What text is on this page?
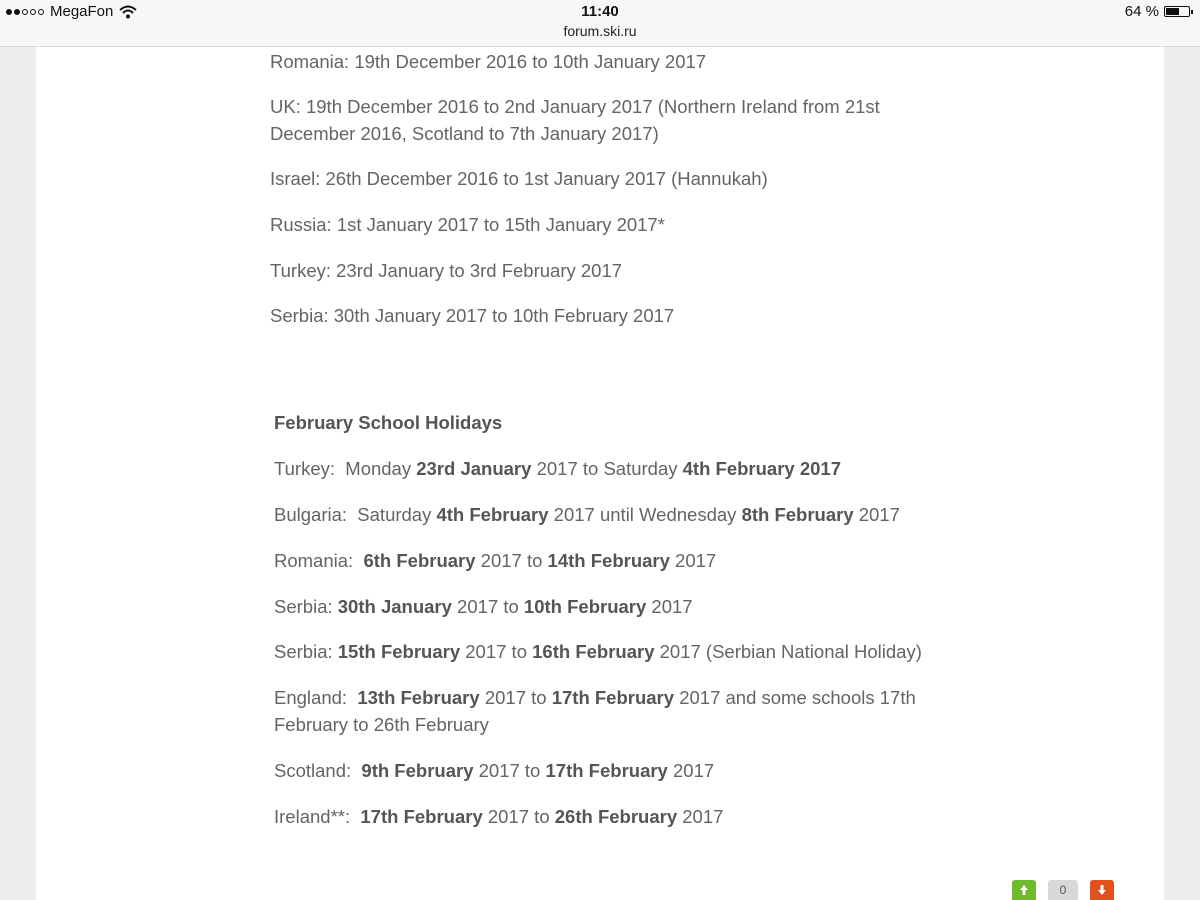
MegaFon	11:40
forum.ski.ru
64 %

Romania: 19th December 2016 to 10th January 2017

UK: 19th December 2016 to 2nd January 2017 (Northern Ireland from 21st December 2016, Scotland to 7th January 2017)

Israel: 26th December 2016 to 1st January 2017 (Hannukah)

Russia: 1st January 2017 to 15th January 2017*

Turkey: 23rd January to 3rd February 2017

Serbia: 30th January 2017 to 10th February 2017

February School Holidays

Turkey: Monday 23rd January 2017 to Saturday 4th February 2017

Bulgaria: Saturday 4th February 2017 until Wednesday 8th February 2017

Romania: 6th February 2017 to 14th February 2017

Serbia: 30th January 2017 to 10th February 2017

Serbia: 15th February 2017 to 16th February 2017 (Serbian National Holiday)

England: 13th February 2017 to 17th February 2017 and some schools 17th February to 26th February

Scotland: 9th February 2017 to 17th February 2017

Ireland**: 17th February 2017 to 26th February 2017

0
